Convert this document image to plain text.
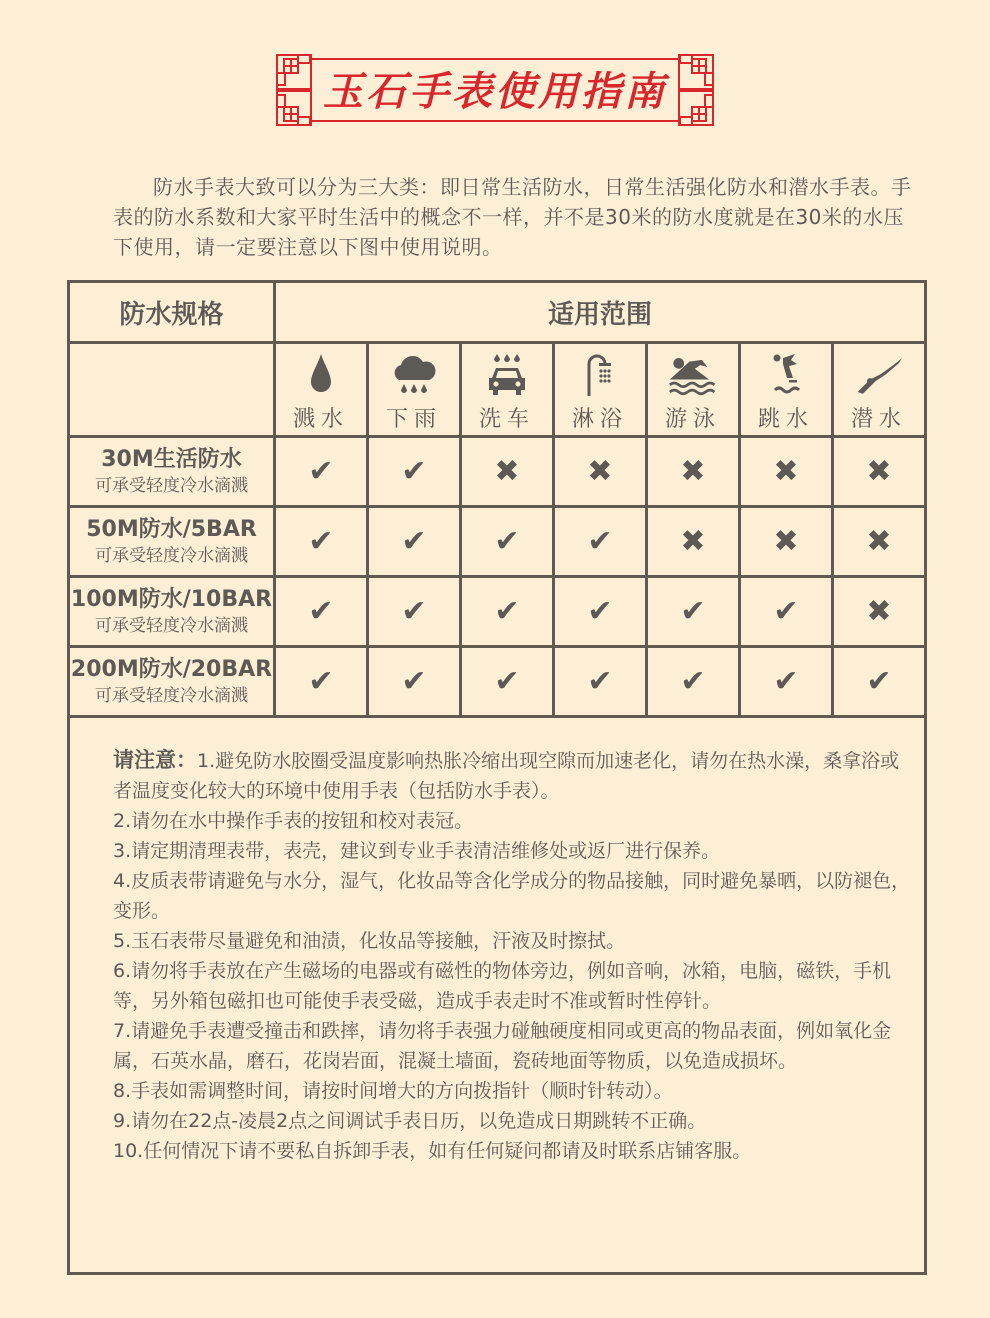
玉石手表使用指南

防水手表大致可以分为三大类：即日常生活防水，日常生活强化防水和潜水手表。手表的防水系数和大家平时生活中的概念不一样，并不是30米的防水度就是在30米的水压下使用，请一定要注意以下图中使用说明。

防水规格	适用范围						

	溅水	下雨	洗车	淋浴	游泳	跳水	潜水

30M生活防水
可承受轻度冷水滴溅	✔	✔	✖	✖	✖	✖	✖

50M防水/5BAR
可承受轻度冷水滴溅	✔	✔	✔	✔	✖	✖	✖

100M防水/10BAR
可承受轻度冷水滴溅	✔	✔	✔	✔	✔	✔	✖

200M防水/20BAR
可承受轻度冷水滴溅	✔	✔	✔	✔	✔	✔	✔

请注意：1.避免防水胶圈受温度影响热胀冷缩出现空隙而加速老化，请勿在热水澡，桑拿浴或者温度变化较大的环境中使用手表（包括防水手表）。

2.请勿在水中操作手表的按钮和校对表冠。

3.请定期清理表带，表壳，建议到专业手表清洁维修处或返厂进行保养。

4.皮质表带请避免与水分，湿气，化妆品等含化学成分的物品接触，同时避免暴晒，以防褪色，变形。

5.玉石表带尽量避免和油渍，化妆品等接触，汗液及时擦拭。

6.请勿将手表放在产生磁场的电器或有磁性的物体旁边，例如音响，冰箱，电脑，磁铁，手机等，另外箱包磁扣也可能使手表受磁，造成手表走时不准或暂时性停针。

7.请避免手表遭受撞击和跌摔，请勿将手表强力碰触硬度相同或更高的物品表面，例如氧化金属，石英水晶，磨石，花岗岩面，混凝土墙面，瓷砖地面等物质，以免造成损坏。

8.手表如需调整时间，请按时间增大的方向拨指针（顺时针转动）。

9.请勿在22点-凌晨2点之间调试手表日历，以免造成日期跳转不正确。

10.任何情况下请不要私自拆卸手表，如有任何疑问都请及时联系店铺客服。
